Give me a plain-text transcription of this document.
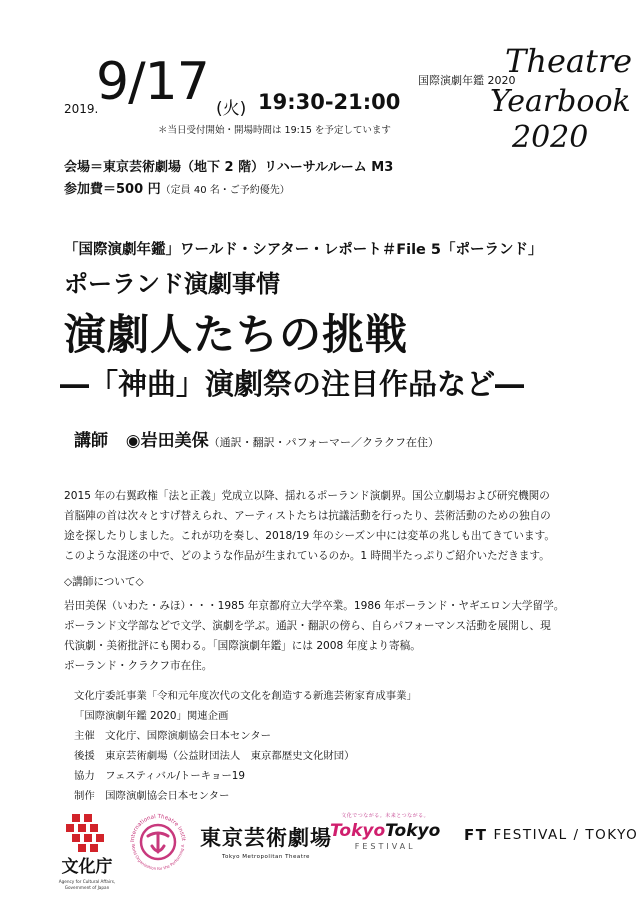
2019.
9/17 (火) 19:30-21:00
＊当日受付開始・開場時間は 19:15 を予定しています
国際演劇年鑑 2020
Theatre
Yearbook
2020
会場＝東京芸術劇場（地下 2 階）リハーサルルーム M3
参加費＝500 円（定員 40 名・ご予約優先）
「国際演劇年鑑」ワールド・シアター・レポート＃File 5「ポーランド」
ポーランド演劇事情
演劇人たちの挑戦
―「神曲」演劇祭の注目作品など―
講師 ◉岩田美保（通訳・翻訳・パフォーマー／クラクフ在住）

2015 年の右翼政権「法と正義」党成立以降、揺れるポーランド演劇界。国公立劇場および研究機関の

首脳陣の首は次々とすげ替えられ、アーティストたちは抗議活動を行ったり、芸術活動のための独自の

途を探したりしました。これが功を奏し、2018/19 年のシーズン中には変革の兆しも出てきています。

このような混迷の中で、どのような作品が生まれているのか。1 時間半たっぷりご紹介いただきます。

◇講師について◇

岩田美保（いわた・みほ）・・・1985 年京都府立大学卒業。1986 年ポーランド・ヤギエロン大学留学。

ポーランド文学部などで文学、演劇を学ぶ。通訳・翻訳の傍ら、自らパフォーマンス活動を展開し、現

代演劇・美術批評にも関わる。「国際演劇年鑑」には 2008 年度より寄稿。

ポーランド・クラクフ市在住。

文化庁委託事業「令和元年度次代の文化を創造する新進芸術家育成事業」

「国際演劇年鑑 2020」関連企画

主催　文化庁、国際演劇協会日本センター

後援　東京芸術劇場（公益財団法人　東京都歴史文化財団）

協力　フェスティバル/トーキョー19

制作　国際演劇協会日本センター

文化庁
Agency for Cultural Affairs,
Government of Japan
International Theatre Instit
World Organization for the Performing A 東京芸術劇場
Tokyo Metropolitan Theatre
文化でつながる。未来とつながる。
TokyoTokyo
FESTIVAL
FT FESTIVAL / TOKYO
